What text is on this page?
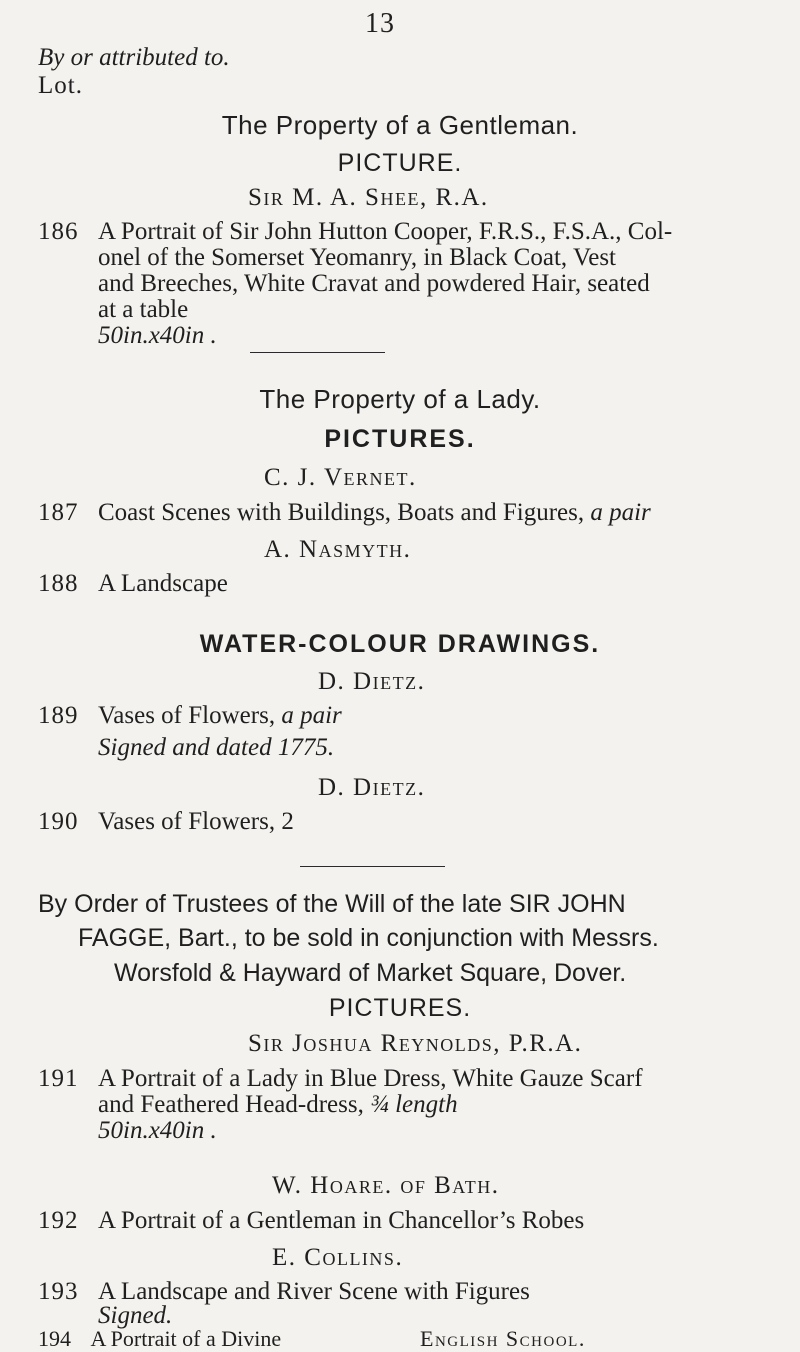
13
By or attributed to.
Lot.
The Property of a Gentleman.
PICTURE.
Sir M. A. Shee, R.A.
186 A Portrait of Sir John Hutton Cooper, F.R.S., F.S.A., Col-
onel of the Somerset Yeomanry, in Black Coat, Vest
and Breeches, White Cravat and powdered Hair, seated
at a table
50in.x40in .
The Property of a Lady.
PICTURES.
C. J. Vernet.
187 Coast Scenes with Buildings, Boats and Figures, a pair
A. Nasmyth.
188 A Landscape
WATER-COLOUR DRAWINGS.
D. Dietz.
189 Vases of Flowers, a pair
Signed and dated 1775.
D. Dietz.
190 Vases of Flowers, 2
By Order of Trustees of the Will of the late SIR JOHN
FAGGE, Bart., to be sold in conjunction with Messrs.
Worsfold & Hayward of Market Square, Dover.
PICTURES.
Sir Joshua Reynolds, P.R.A.
191 A Portrait of a Lady in Blue Dress, White Gauze Scarf
and Feathered Head-dress, ¾ length
50in.x40in .
W. Hoare. of Bath.
192 A Portrait of a Gentleman in Chancellor’s Robes
E. Collins.
193 A Landscape and River Scene with Figures
Signed.
English School.
194 A Portrait of a Divine
